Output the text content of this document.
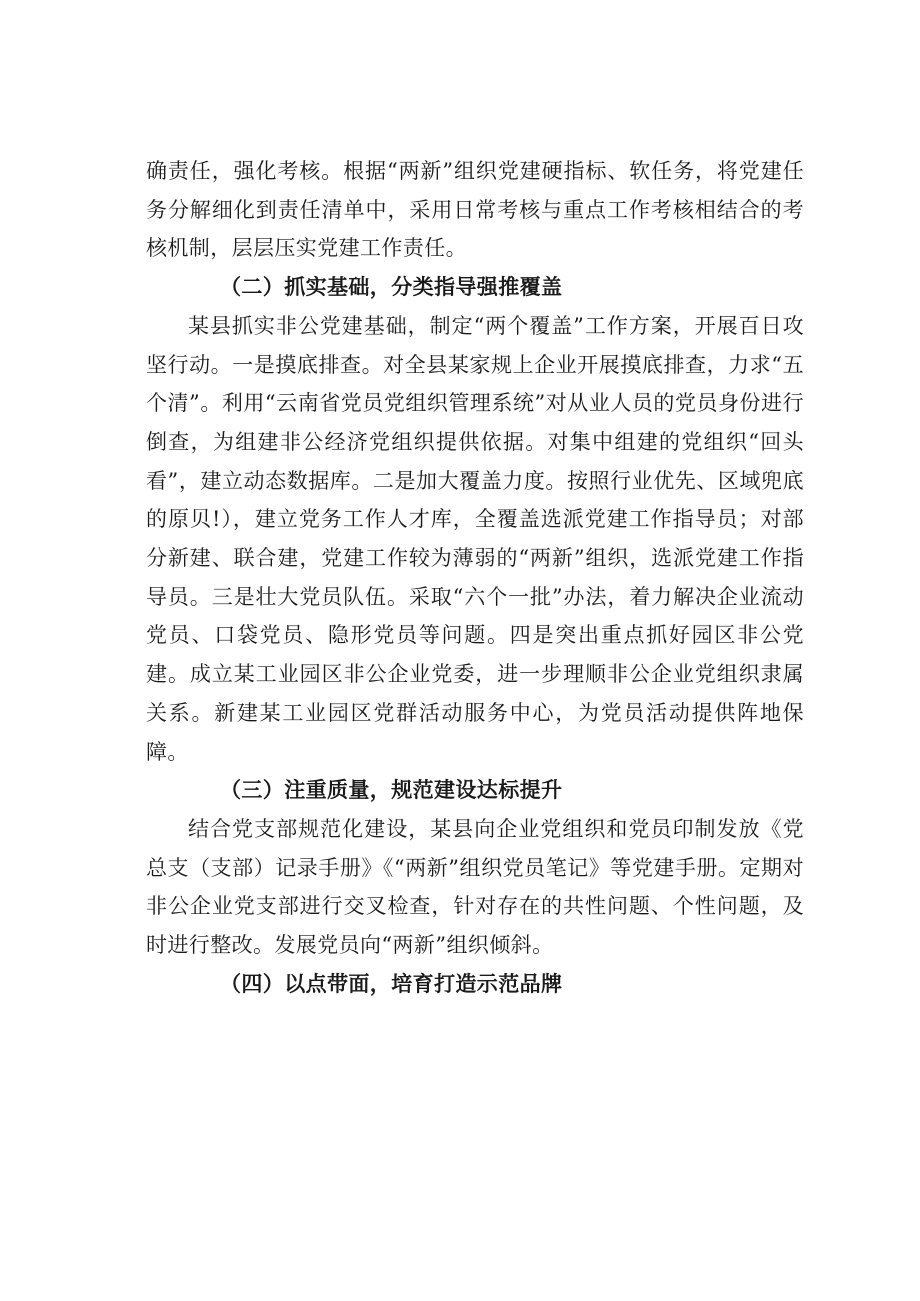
确责任，强化考核。根据“两新”组织党建硬指标、软任务，将党建任务分解细化到责任清单中，采用日常考核与重点工作考核相结合的考核机制，层层压实党建工作责任。

（二）抓实基础，分类指导强推覆盖

某县抓实非公党建基础，制定“两个覆盖”工作方案，开展百日攻坚行动。一是摸底排查。对全县某家规上企业开展摸底排查，力求“五个清”。利用“云南省党员党组织管理系统”对从业人员的党员身份进行倒查，为组建非公经济党组织提供依据。对集中组建的党组织“回头看”，建立动态数据库。二是加大覆盖力度。按照行业优先、区域兜底的原贝!），建立党务工作人才库，全覆盖选派党建工作指导员；对部分新建、联合建，党建工作较为薄弱的“两新”组织，选派党建工作指导员。三是壮大党员队伍。采取“六个一批”办法，着力解决企业流动党员、口袋党员、隐形党员等问题。四是突出重点抓好园区非公党建。成立某工业园区非公企业党委，进一步理顺非公企业党组织隶属关系。新建某工业园区党群活动服务中心，为党员活动提供阵地保障。

（三）注重质量，规范建设达标提升

结合党支部规范化建设，某县向企业党组织和党员印制发放《党总支（支部）记录手册》《“两新”组织党员笔记》等党建手册。定期对非公企业党支部进行交叉检查，针对存在的共性问题、个性问题，及时进行整改。发展党员向“两新”组织倾斜。

（四）以点带面，培育打造示范品牌
